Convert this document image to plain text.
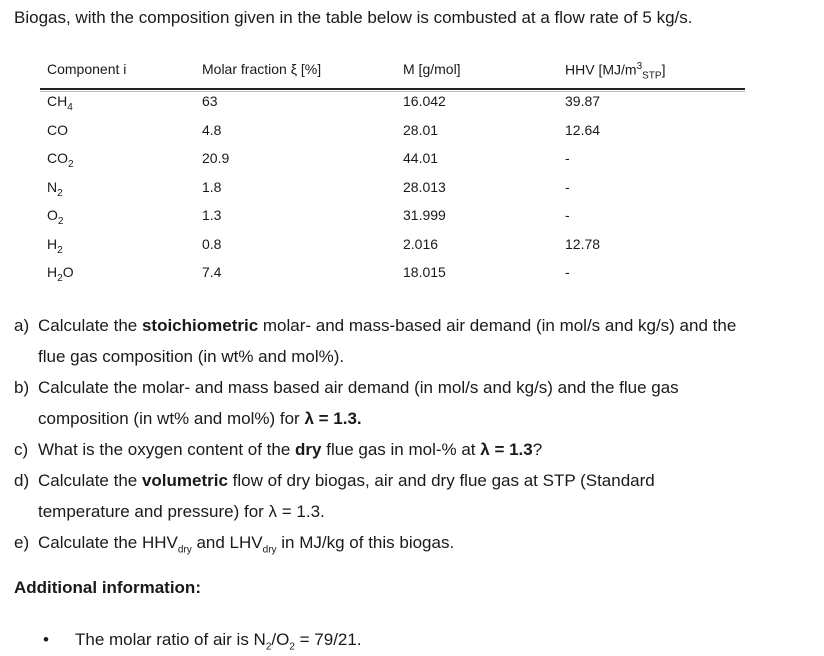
Biogas, with the composition given in the table below is combusted at a flow rate of 5 kg/s.
Component i	Molar fraction ξ [%]	M [g/mol]	HHV $[MJ/m^3_{STP}]$
$CH_4$	63	16.042	39.87
CO	4.8	28.01	12.64
$CO_2$	20.9	44.01	-
$N_2$	1.8	28.013	-
$O_2$	1.3	31.999	-
$H_2$	0.8	2.016	12.78
$H_2O$	7.4	18.015	-
a) Calculate the stoichiometric molar- and mass-based air demand (in mol/s and kg/s) and the
flue gas composition (in wt% and mol%).
b) Calculate the molar- and mass based air demand (in mol/s and kg/s) and the flue gas
composition (in wt% and mol%) for λ = 1.3.
c) What is the oxygen content of the dry flue gas in mol-% at λ = 1.3?
d) Calculate the volumetric flow of dry biogas, air and dry flue gas at STP (Standard
temperature and pressure) for λ = 1.3.
e) Calculate the $HHV_{dry}$ and $LHV_{dry}$ in MJ/kg of this biogas.
Additional information:
• The molar ratio of air is $N_2/O_2 = 79/21$.
